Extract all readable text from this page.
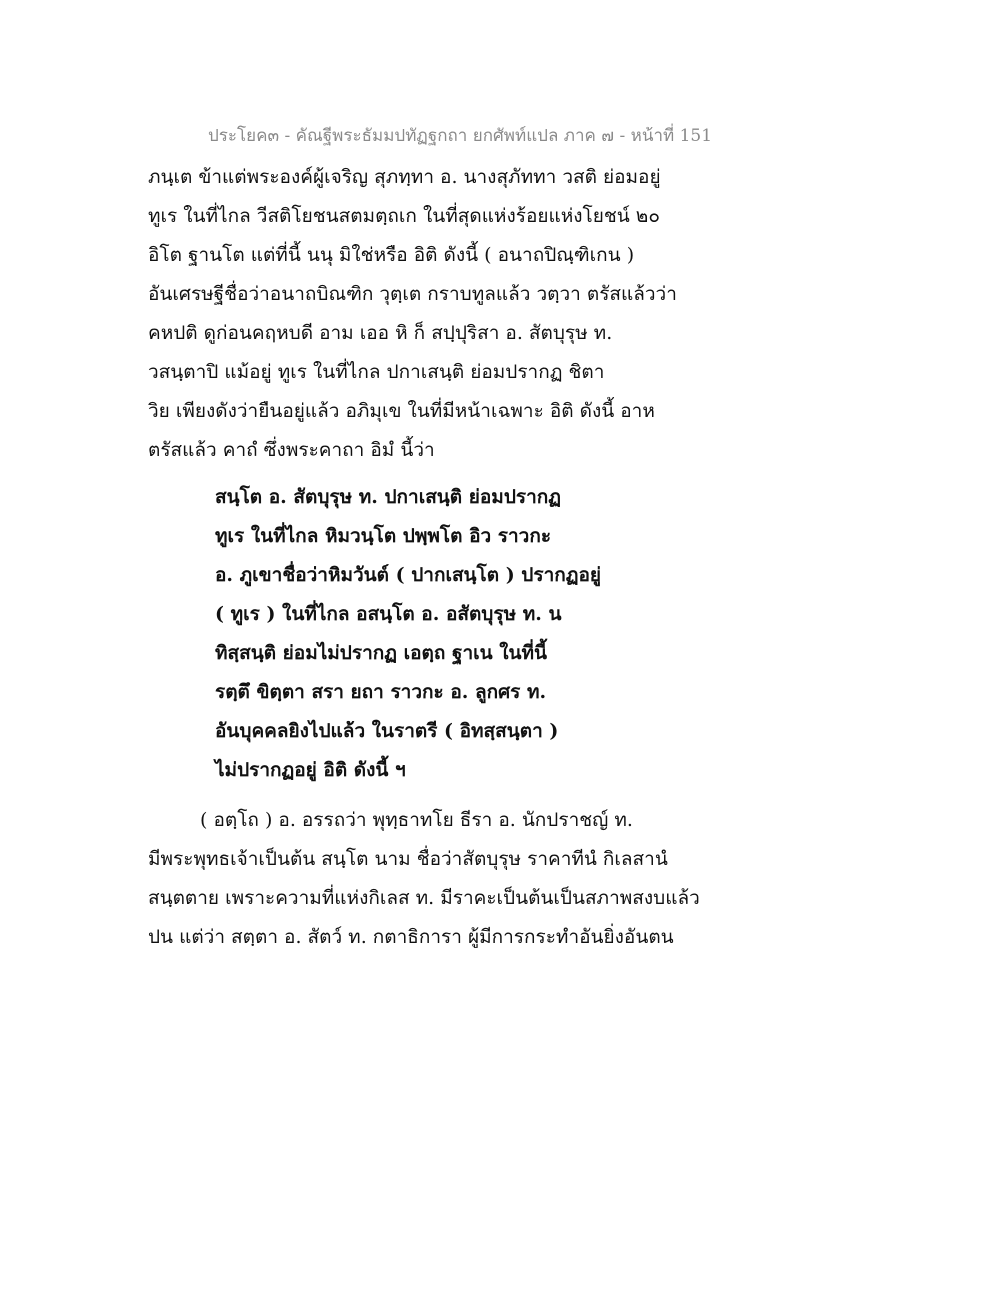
ประโยค๓ - คัณฐีพระธัมมปทัฏฐกถา ยกศัพท์แปล ภาค ๗ - หน้าที่ 151
ภนฺเต ข้าแต่พระองค์ผู้เจริญ สุภทฺทา อ. นางสุภัททา วสติ ย่อมอยู่
ทูเร ในที่ไกล วีสติโยชนสตมตฺถเก ในที่สุดแห่งร้อยแห่งโยชน์ ๒๐
อิโต ฐานโต แต่ที่นี้ นนุ มิใช่หรือ อิติ ดังนี้ ( อนาถปิณฺฑิเกน )
อันเศรษฐีชื่อว่าอนาถบิณฑิก วุตฺเต กราบทูลแล้ว วตฺวา ตรัสแล้วว่า
คหปติ ดูก่อนคฤหบดี อาม เออ หิ ก็ สปฺปุริสา อ. สัตบุรุษ ท.
วสนฺตาปิ แม้อยู่ ทูเร ในที่ไกล ปกาเสนฺติ ย่อมปรากฏ ชิตา
วิย เพียงดังว่ายืนอยู่แล้ว อภิมุเข ในที่มีหน้าเฉพาะ อิติ ดังนี้ อาห
ตรัสแล้ว คาถํ ซึ่งพระคาถา อิมํ นี้ว่า
สนฺโต อ. สัตบุรุษ ท. ปกาเสนฺติ ย่อมปรากฏ
ทูเร ในที่ไกล หิมวนฺโต ปพฺพโต อิว ราวกะ
อ. ภูเขาชื่อว่าหิมวันต์ ( ปากเสนฺโต ) ปรากฏอยู่
( ทูเร ) ในที่ไกล อสนฺโต อ. อสัตบุรุษ ท. น
ทิสฺสนฺติ ย่อมไม่ปรากฏ เอตฺถ ฐาเน ในที่นี้
รตฺตึ ขิตฺตา สรา ยถา ราวกะ อ. ลูกศร ท.
อันบุคคลยิงไปแล้ว ในราตรี ( อิทสฺสนฺตา )
ไม่ปรากฏอยู่ อิติ ดังนี้ ฯ
( อตฺโถ ) อ. อรรถว่า พุทฺธาทโย ธีรา อ. นักปราชญ์ ท.
มีพระพุทธเจ้าเป็นต้น สนฺโต นาม ชื่อว่าสัตบุรุษ ราคาทีนํ กิเลสานํ
สนฺตตาย เพราะความที่แห่งกิเลส ท. มีราคะเป็นต้นเป็นสภาพสงบแล้ว
ปน แต่ว่า สตฺตา อ. สัตว์ ท. กตาธิการา ผู้มีการกระทำอันยิ่งอันตน
